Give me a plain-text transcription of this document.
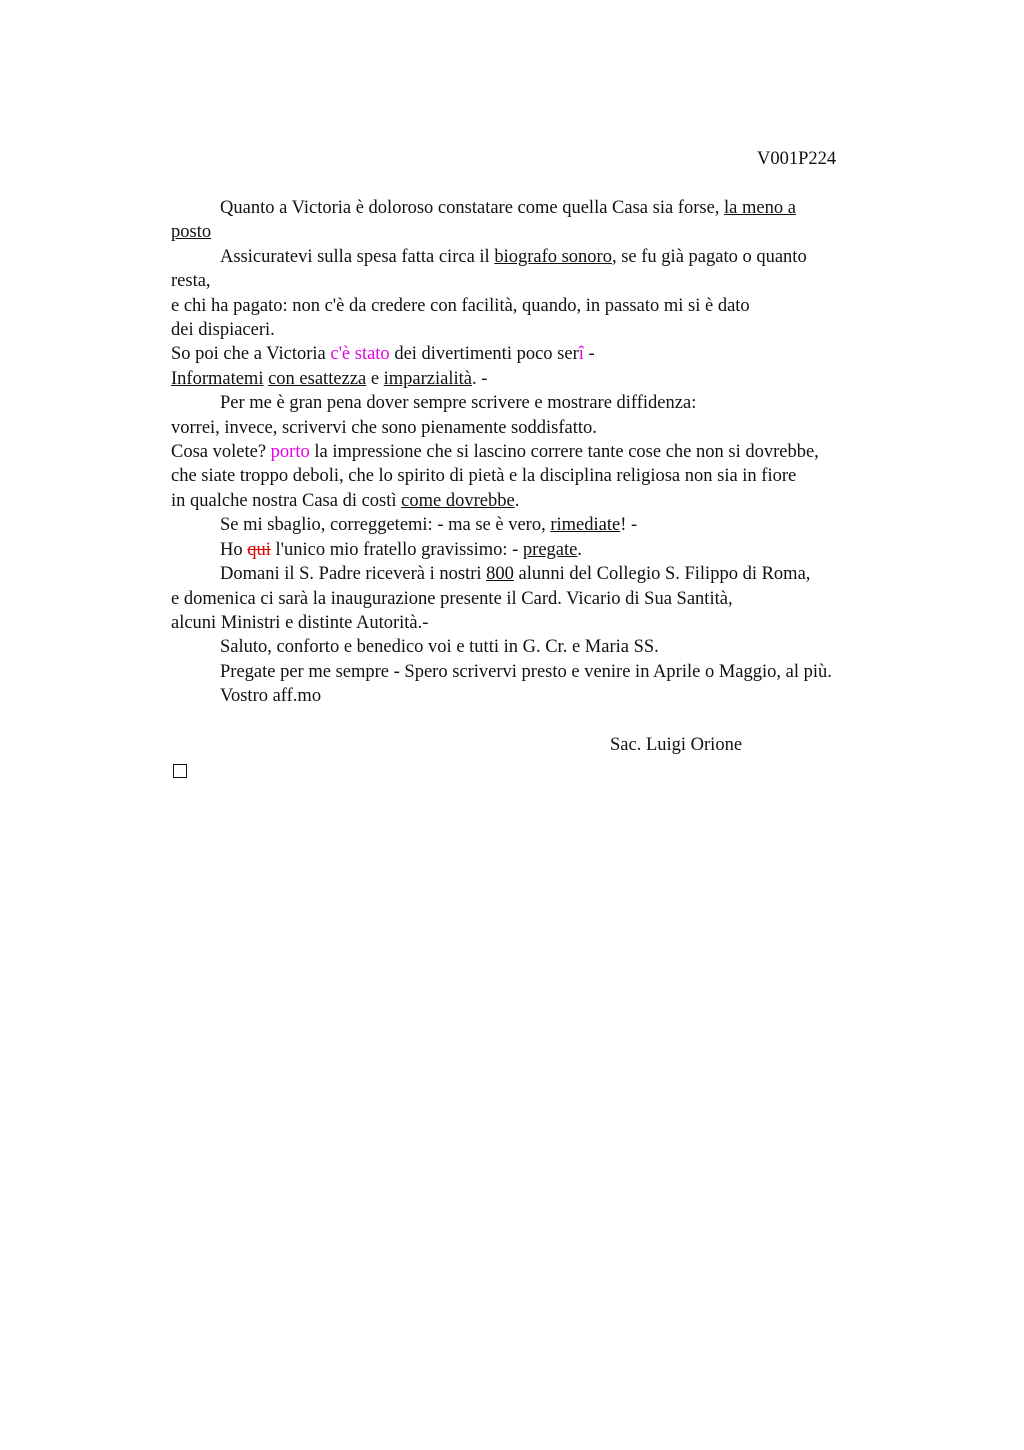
V001P224
Quanto a Victoria è doloroso constatare come quella Casa sia forse, la meno a
posto
Assicuratevi sulla spesa fatta circa il biografo sonoro, se fu già pagato o quanto
resta,
e chi ha pagato: non c'è da credere con facilità, quando, in passato mi si è dato
dei dispiaceri.
So poi che a Victoria c'è stato dei divertimenti poco serî -
Informatemi con esattezza e imparzialità. -
Per me è gran pena dover sempre scrivere e mostrare diffidenza:
vorrei, invece, scrivervi che sono pienamente soddisfatto.
Cosa volete? porto la impressione che si lascino correre tante cose che non si dovrebbe,
che siate troppo deboli, che lo spirito di pietà e la disciplina religiosa non sia in fiore
in qualche nostra Casa di costì come dovrebbe.
Se mi sbaglio, correggetemi: - ma se è vero, rimediate! -
Ho qui l'unico mio fratello gravissimo: - pregate.
Domani il S. Padre riceverà i nostri 800 alunni del Collegio S. Filippo di Roma,
e domenica ci sarà la inaugurazione presente il Card. Vicario di Sua Santità,
alcuni Ministri e distinte Autorità.-
Saluto, conforto e benedico voi e tutti in G. Cr. e Maria SS.
Pregate per me sempre - Spero scrivervi presto e venire in Aprile o Maggio, al più.
Vostro aff.mo
Sac. Luigi Orione
